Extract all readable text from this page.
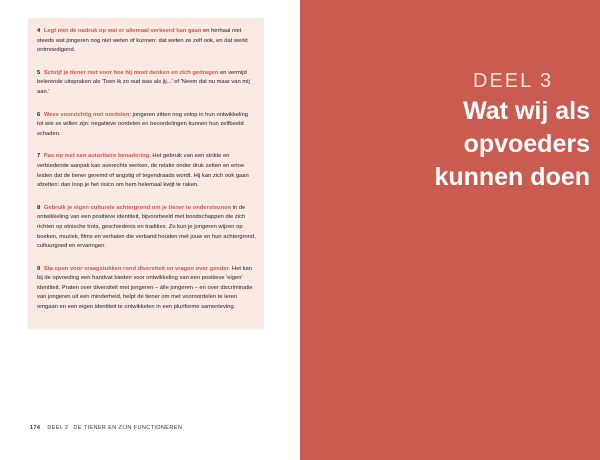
4 Legt niet de nadruk op wat er allemaal verkeerd kan gaan en herhaal niet steeds wat jongeren nog niet weten of kunnen: dat weten ze zelf ook, en dat werkt ontmoedigend.

5 Schrijf je tiener niet voor hoe hij moet denken en zich gedragen en vermijd belerende uitspraken als 'Toen ik zo oud was als jij...' of 'Neem dat nu maar van mij aan.'

6 Wees voorzichtig met oordelen: jongeren zitten nog volop in hun ontwikkeling tot wie ze willen zijn: negatieve oordelen en beoordelingen kunnen hun zelfbeeld schaden.

7 Pas op met een autoritaire benadering. Het gebruik van een strikte en verbiedende aanpak kan averechts werken, de relatie onder druk zetten en ertoe leiden dat de tiener geremd of angstig of tegendraads wordt. Hij kan zich ook gaan afzetten: dan loop je het risico om hem helemaal kwijt te raken.

8 Gebruik je eigen culturele achtergrond om je tiener te ondersteunen in de ontwikkeling van een positieve identiteit, bijvoorbeeld met boodschappen die zich richten op etnische trots, geschiedenis en tradities. Zo kun je jongeren wijzen op boeken, muziek, films en verhalen die verband houden met jouw en hun achtergrond, cultuurgoed en ervaringen.

9 Sta open voor vraagstukken rond diversiteit en vragen over gender. Het kan bij de opvoeding een handvat bieden voor ontwikkeling van een positieve 'eigen' identiteit. Praten over diversiteit met jongeren – álle jongeren – en over discriminatie van jongeren uit een minderheid, helpt de tiener om met vooroordelen te leren omgaan en een eigen identiteit te ontwikkelen in een pluriforme samenleving.

174 DEEL 2 DE TIENER EN ZIJN FUNCTIONEREN
DEEL 3
Wat wij als
opvoeders
kunnen doen
